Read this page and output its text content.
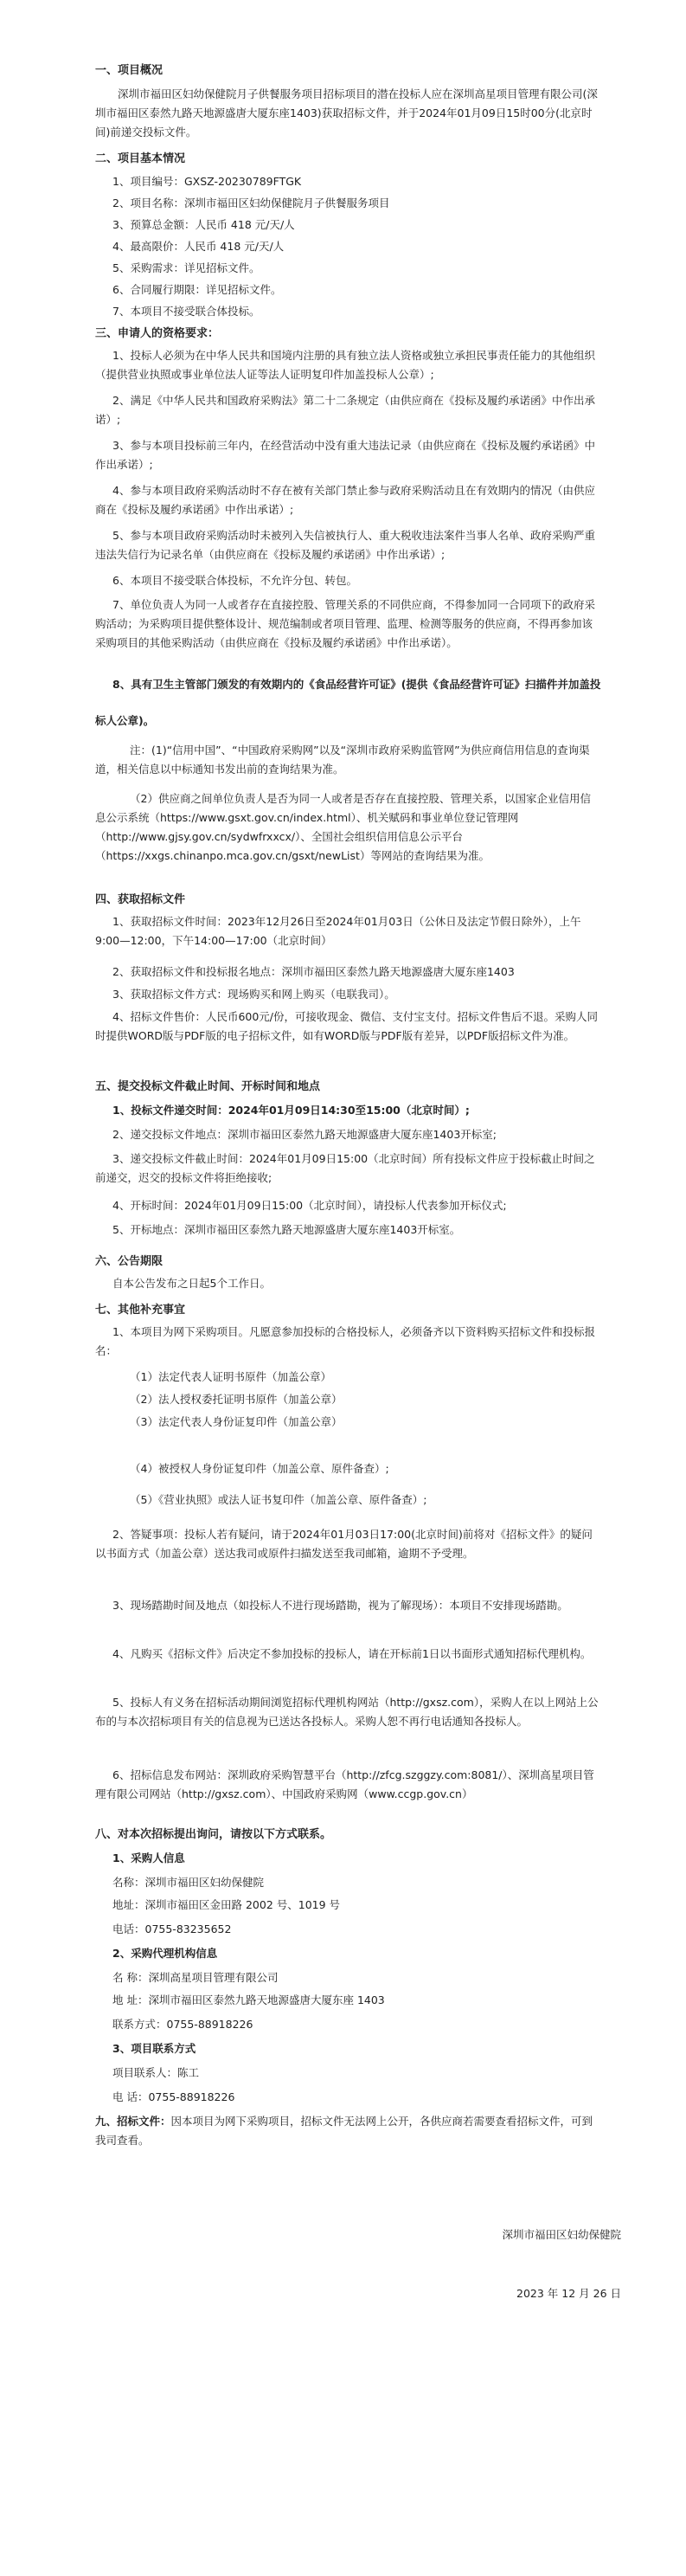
一、项目概况
深圳市福田区妇幼保健院月子供餐服务项目招标项目的潜在投标人应在深圳高星项目管理有限公司(深圳市福田区泰然九路天地源盛唐大厦东座1403)获取招标文件，并于2024年01月09日15时00分(北京时间)前递交投标文件。
二、项目基本情况
1、项目编号：GXSZ-20230789FTGK
2、项目名称：深圳市福田区妇幼保健院月子供餐服务项目
3、预算总金额：人民币 418 元/天/人
4、最高限价：人民币 418 元/天/人
5、采购需求：详见招标文件。
6、合同履行期限：详见招标文件。
7、本项目不接受联合体投标。
三、申请人的资格要求：
1、投标人必须为在中华人民共和国境内注册的具有独立法人资格或独立承担民事责任能力的其他组织（提供营业执照或事业单位法人证等法人证明复印件加盖投标人公章）;
2、满足《中华人民共和国政府采购法》第二十二条规定（由供应商在《投标及履约承诺函》中作出承诺）;
3、参与本项目投标前三年内，在经营活动中没有重大违法记录（由供应商在《投标及履约承诺函》中作出承诺）;
4、参与本项目政府采购活动时不存在被有关部门禁止参与政府采购活动且在有效期内的情况（由供应商在《投标及履约承诺函》中作出承诺）;
5、参与本项目政府采购活动时未被列入失信被执行人、重大税收违法案件当事人名单、政府采购严重违法失信行为记录名单（由供应商在《投标及履约承诺函》中作出承诺）;
6、本项目不接受联合体投标，不允许分包、转包。
7、单位负责人为同一人或者存在直接控股、管理关系的不同供应商，不得参加同一合同项下的政府采购活动；为采购项目提供整体设计、规范编制或者项目管理、监理、检测等服务的供应商，不得再参加该采购项目的其他采购活动（由供应商在《投标及履约承诺函》中作出承诺）。
8、具有卫生主管部门颁发的有效期内的《食品经营许可证》(提供《食品经营许可证》扫描件并加盖投标人公章)。
注：(1)“信用中国”、“中国政府采购网”以及“深圳市政府采购监管网”为供应商信用信息的查询渠道，相关信息以中标通知书发出前的查询结果为准。
（2）供应商之间单位负责人是否为同一人或者是否存在直接控股、管理关系，以国家企业信用信息公示系统（https://www.gsxt.gov.cn/index.html）、机关赋码和事业单位登记管理网（http://www.gjsy.gov.cn/sydwfrxxcx/）、全国社会组织信用信息公示平台（https://xxgs.chinanpo.mca.gov.cn/gsxt/newList）等网站的查询结果为准。
四、获取招标文件
1、获取招标文件时间：2023年12月26日至2024年01月03日（公休日及法定节假日除外），上午9:00—12:00，下午14:00—17:00（北京时间）
2、获取招标文件和投标报名地点：深圳市福田区泰然九路天地源盛唐大厦东座1403
3、获取招标文件方式：现场购买和网上购买（电联我司）。
4、招标文件售价：人民币600元/份，可接收现金、微信、支付宝支付。招标文件售后不退。采购人同时提供WORD版与PDF版的电子招标文件，如有WORD版与PDF版有差异，以PDF版招标文件为准。
五、提交投标文件截止时间、开标时间和地点
1、投标文件递交时间：2024年01月09日14:30至15:00（北京时间）;
2、递交投标文件地点：深圳市福田区泰然九路天地源盛唐大厦东座1403开标室;
3、递交投标文件截止时间：2024年01月09日15:00（北京时间）所有投标文件应于投标截止时间之前递交，迟交的投标文件将拒绝接收;
4、开标时间：2024年01月09日15:00（北京时间），请投标人代表参加开标仪式;
5、开标地点：深圳市福田区泰然九路天地源盛唐大厦东座1403开标室。
六、公告期限
自本公告发布之日起5个工作日。
七、其他补充事宜
1、本项目为网下采购项目。凡愿意参加投标的合格投标人，必须备齐以下资料购买招标文件和投标报名：
（1）法定代表人证明书原件（加盖公章）
（2）法人授权委托证明书原件（加盖公章）
（3）法定代表人身份证复印件（加盖公章）
（4）被授权人身份证复印件（加盖公章、原件备查）;
（5）《营业执照》或法人证书复印件（加盖公章、原件备查）;
2、答疑事项：投标人若有疑问，请于2024年01月03日17:00(北京时间)前将对《招标文件》的疑问以书面方式（加盖公章）送达我司或原件扫描发送至我司邮箱，逾期不予受理。
3、现场踏勘时间及地点（如投标人不进行现场踏勘，视为了解现场）：本项目不安排现场踏勘。
4、凡购买《招标文件》后决定不参加投标的投标人，请在开标前1日以书面形式通知招标代理机构。
5、投标人有义务在招标活动期间浏览招标代理机构网站（http://gxsz.com），采购人在以上网站上公布的与本次招标项目有关的信息视为已送达各投标人。采购人恕不再行电话通知各投标人。
6、招标信息发布网站：深圳政府采购智慧平台（http://zfcg.szggzy.com:8081/）、深圳高星项目管理有限公司网站（http://gxsz.com）、中国政府采购网（www.ccgp.gov.cn）
八、对本次招标提出询问，请按以下方式联系。
1、采购人信息
名称：深圳市福田区妇幼保健院
地址：深圳市福田区金田路 2002 号、1019 号
电话：0755-83235652
2、采购代理机构信息
名 称：深圳高星项目管理有限公司
地 址：深圳市福田区泰然九路天地源盛唐大厦东座 1403
联系方式：0755-88918226
3、项目联系方式
项目联系人：陈工
电 话：0755-88918226
九、招标文件：因本项目为网下采购项目，招标文件无法网上公开，各供应商若需要查看招标文件，可到我司查看。
深圳市福田区妇幼保健院
2023 年 12 月 26 日
